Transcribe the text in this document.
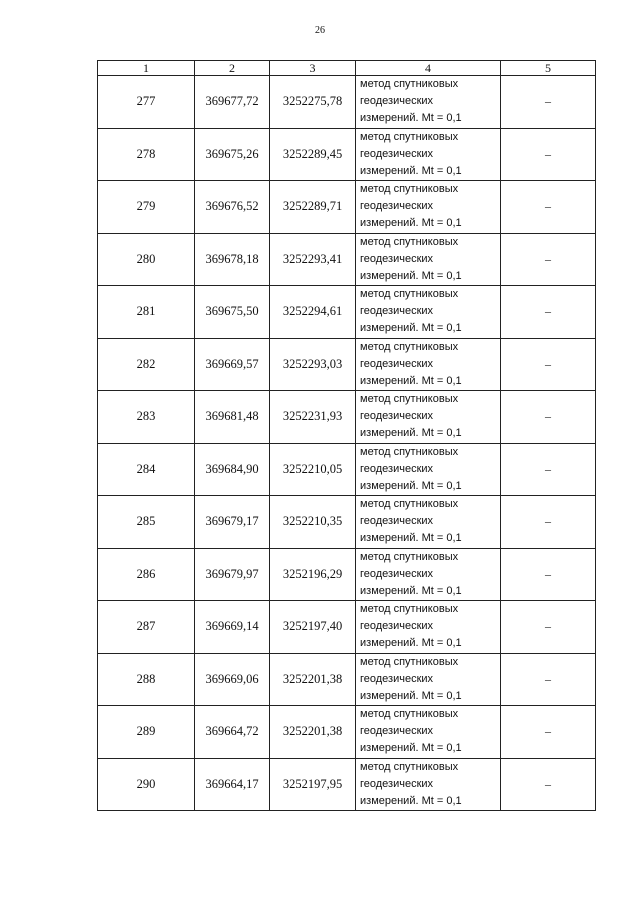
26
1	2	3	4	5
277	369677,72	3252275,78	метод спутниковых
геодезических
измерений. Mt = 0,1	–
278	369675,26	3252289,45	метод спутниковых
геодезических
измерений. Mt = 0,1	–
279	369676,52	3252289,71	метод спутниковых
геодезических
измерений. Mt = 0,1	–
280	369678,18	3252293,41	метод спутниковых
геодезических
измерений. Mt = 0,1	–
281	369675,50	3252294,61	метод спутниковых
геодезических
измерений. Mt = 0,1	–
282	369669,57	3252293,03	метод спутниковых
геодезических
измерений. Mt = 0,1	–
283	369681,48	3252231,93	метод спутниковых
геодезических
измерений. Mt = 0,1	–
284	369684,90	3252210,05	метод спутниковых
геодезических
измерений. Mt = 0,1	–
285	369679,17	3252210,35	метод спутниковых
геодезических
измерений. Mt = 0,1	–
286	369679,97	3252196,29	метод спутниковых
геодезических
измерений. Mt = 0,1	–
287	369669,14	3252197,40	метод спутниковых
геодезических
измерений. Mt = 0,1	–
288	369669,06	3252201,38	метод спутниковых
геодезических
измерений. Mt = 0,1	–
289	369664,72	3252201,38	метод спутниковых
геодезических
измерений. Mt = 0,1	–
290	369664,17	3252197,95	метод спутниковых
геодезических
измерений. Mt = 0,1	–
